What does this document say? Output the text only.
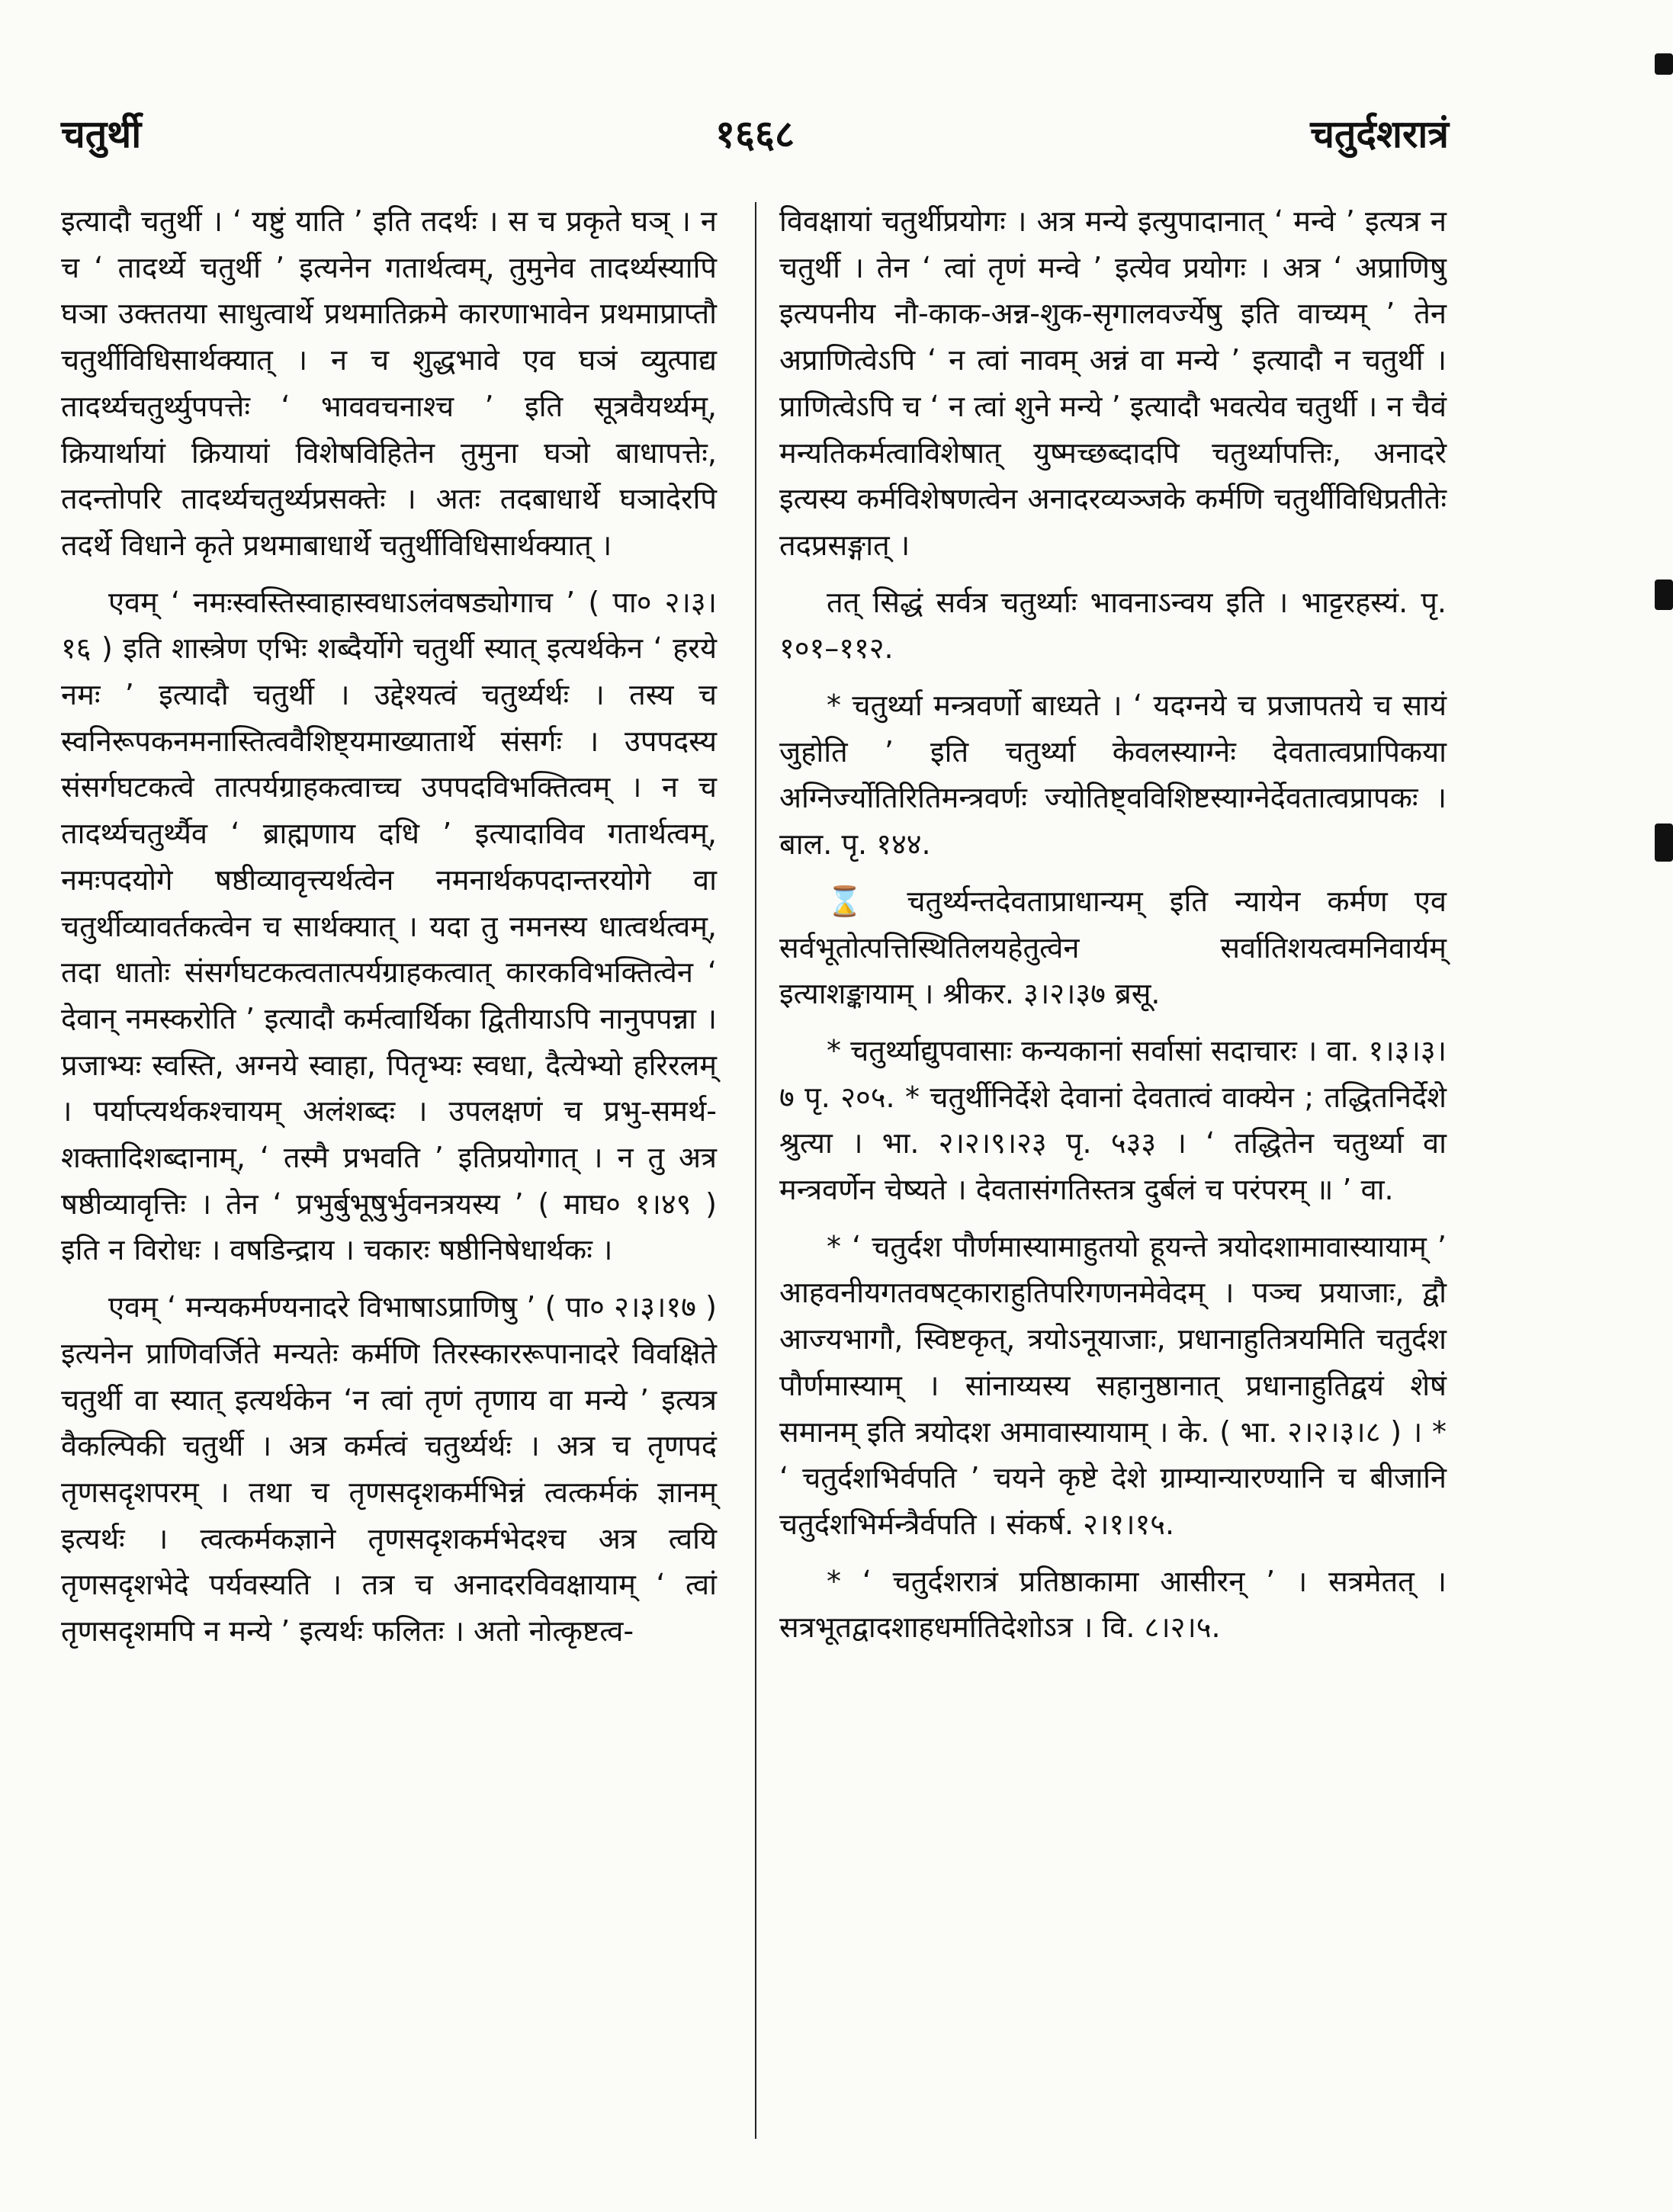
चतुर्थी	१६६८	चतुर्दशरात्रं

इत्यादौ चतुर्थी । ‘ यष्टुं याति ’ इति तदर्थः । स च प्रकृते घञ् । न च ‘ तादर्थ्ये चतुर्थी ’ इत्यनेन गतार्थत्वम्, तुमुनेव तादर्थ्यस्यापि घञा उक्ततया साधुत्वार्थे प्रथमातिक्रमे कारणाभावेन प्रथमाप्राप्तौ चतुर्थीविधिसार्थक्यात् । न च शुद्धभावे एव घञं व्युत्पाद्य तादर्थ्यचतुर्थ्युपपत्तेः ‘ भाववचनाश्च ’ इति सूत्रवैयर्थ्यम्, क्रियार्थायां क्रियायां विशेषविहितेन तुमुना घञो बाधापत्तेः, तदन्तोपरि तादर्थ्यचतुर्थ्यप्रसक्तेः । अतः तदबाधार्थे घञादेरपि तदर्थे विधाने कृते प्रथमाबाधार्थे चतुर्थीविधिसार्थक्यात् ।

एवम् ‘ नमःस्वस्तिस्वाहास्वधाऽलंवषड्योगाच ’ ( पा० २।३।१६ ) इति शास्त्रेण एभिः शब्दैर्योगे चतुर्थी स्यात् इत्यर्थकेन ‘ हरये नमः ’ इत्यादौ चतुर्थी । उद्देश्यत्वं चतुर्थ्यर्थः । तस्य च स्वनिरूपकनमनास्तित्ववैशिष्ट्यमाख्यातार्थे संसर्गः । उपपदस्य संसर्गघटकत्वे तात्पर्यग्राहकत्वाच्च उपपदविभक्तित्वम् । न च तादर्थ्यचतुर्थ्यैव ‘ ब्राह्मणाय दधि ’ इत्यादाविव गतार्थत्वम्, नमःपदयोगे षष्ठीव्यावृत्त्यर्थत्वेन नमनार्थकपदान्तरयोगे वा चतुर्थीव्यावर्तकत्वेन च सार्थक्यात् । यदा तु नमनस्य धात्वर्थत्वम्, तदा धातोः संसर्गघटकत्वतात्पर्यग्राहकत्वात् कारकविभक्तित्वेन ‘ देवान् नमस्करोति ’ इत्यादौ कर्मत्वार्थिका द्वितीयाऽपि नानुपपन्ना । प्रजाभ्यः स्वस्ति, अग्नये स्वाहा, पितृभ्यः स्वधा, दैत्येभ्यो हरिरलम् । पर्याप्त्यर्थकश्चायम् अलंशब्दः । उपलक्षणं च प्रभु-समर्थ-शक्तादिशब्दानाम्, ‘ तस्मै प्रभवति ’ इतिप्रयोगात् । न तु अत्र षष्ठीव्यावृत्तिः । तेन ‘ प्रभुर्बुभूषुर्भुवनत्रयस्य ’ ( माघ० १।४९ ) इति न विरोधः । वषडिन्द्राय । चकारः षष्ठीनिषेधार्थकः ।

एवम् ‘ मन्यकर्मण्यनादरे विभाषाऽप्राणिषु ’ ( पा० २।३।१७ ) इत्यनेन प्राणिवर्जिते मन्यतेः कर्मणि तिरस्काररूपानादरे विवक्षिते चतुर्थी वा स्यात् इत्यर्थकेन ‘न त्वां तृणं तृणाय वा मन्ये ’ इत्यत्र वैकल्पिकी चतुर्थी । अत्र कर्मत्वं चतुर्थ्यर्थः । अत्र च तृणपदं तृणसदृशपरम् । तथा च तृणसदृशकर्मभिन्नं त्वत्कर्मकं ज्ञानम् इत्यर्थः । त्वत्कर्मकज्ञाने तृणसदृशकर्मभेदश्च अत्र त्वयि तृणसदृशभेदे पर्यवस्यति । तत्र च अनादरविवक्षायाम् ‘ त्वां तृणसदृशमपि न मन्ये ’ इत्यर्थः फलितः । अतो नोत्कृष्टत्व-

विवक्षायां चतुर्थीप्रयोगः । अत्र मन्ये इत्युपादानात् ‘ मन्वे ’ इत्यत्र न चतुर्थी । तेन ‘ त्वां तृणं मन्वे ’ इत्येव प्रयोगः । अत्र ‘ अप्राणिषु इत्यपनीय नौ-काक-अन्न-शुक-सृगालवर्ज्येषु इति वाच्यम् ’ तेन अप्राणित्वेऽपि ‘ न त्वां नावम् अन्नं वा मन्ये ’ इत्यादौ न चतुर्थी । प्राणित्वेऽपि च ‘ न त्वां शुने मन्ये ’ इत्यादौ भवत्येव चतुर्थी । न चैवं मन्यतिकर्मत्वाविशेषात् युष्मच्छब्दादपि चतुर्थ्यापत्तिः, अनादरे इत्यस्य कर्मविशेषणत्वेन अनादरव्यञ्जके कर्मणि चतुर्थीविधिप्रतीतेः तदप्रसङ्गात् ।

तत् सिद्धं सर्वत्र चतुर्थ्याः भावनाऽन्वय इति । भाट्टरहस्यं. पृ. १०१–११२.

* चतुर्थ्या मन्त्रवर्णो बाध्यते । ‘ यदग्नये च प्रजापतये च सायं जुहोति ’ इति चतुर्थ्या केवलस्याग्नेः देवतात्वप्रापिकया अग्निर्ज्योतिरितिमन्त्रवर्णः ज्योतिष्ट्वविशिष्टस्याग्नेर्देवतात्वप्रापकः । बाल. पृ. १४४.

⌛ चतुर्थ्यन्तदेवताप्राधान्यम् इति न्यायेन कर्मण एव सर्वभूतोत्पत्तिस्थितिलयहेतुत्वेन सर्वातिशयत्वमनिवार्यम् इत्याशङ्कायाम् । श्रीकर. ३।२।३७ ब्रसू.

* चतुर्थ्याद्युपवासाः कन्यकानां सर्वासां सदाचारः । वा. १।३।३।७ पृ. २०५. * चतुर्थीनिर्देशे देवानां देवतात्वं वाक्येन ; तद्धितनिर्देशे श्रुत्या । भा. २।२।९।२३ पृ. ५३३ । ‘ तद्धितेन चतुर्थ्या वा मन्त्रवर्णेन चेष्यते । देवतासंगतिस्तत्र दुर्बलं च परंपरम् ॥ ’ वा.

* ‘ चतुर्दश पौर्णमास्यामाहुतयो हूयन्ते त्रयोदशामावास्यायाम् ’ आहवनीयगतवषट्काराहुतिपरिगणनमेवेदम् । पञ्च प्रयाजाः, द्वौ आज्यभागौ, स्विष्टकृत्, त्रयोऽनूयाजाः, प्रधानाहुतित्रयमिति चतुर्दश पौर्णमास्याम् । सांनाय्यस्य सहानुष्ठानात् प्रधानाहुतिद्वयं शेषं समानम् इति त्रयोदश अमावास्यायाम् । के. ( भा. २।२।३।८ ) । * ‘ चतुर्दशभिर्वपति ’ चयने कृष्टे देशे ग्राम्यान्यारण्यानि च बीजानि चतुर्दशभिर्मन्त्रैर्वपति । संकर्ष. २।१।१५.

* ‘ चतुर्दशरात्रं प्रतिष्ठाकामा आसीरन् ’ । सत्रमेतत् । सत्रभूतद्वादशाहधर्मातिदेशोऽत्र । वि. ८।२।५.
